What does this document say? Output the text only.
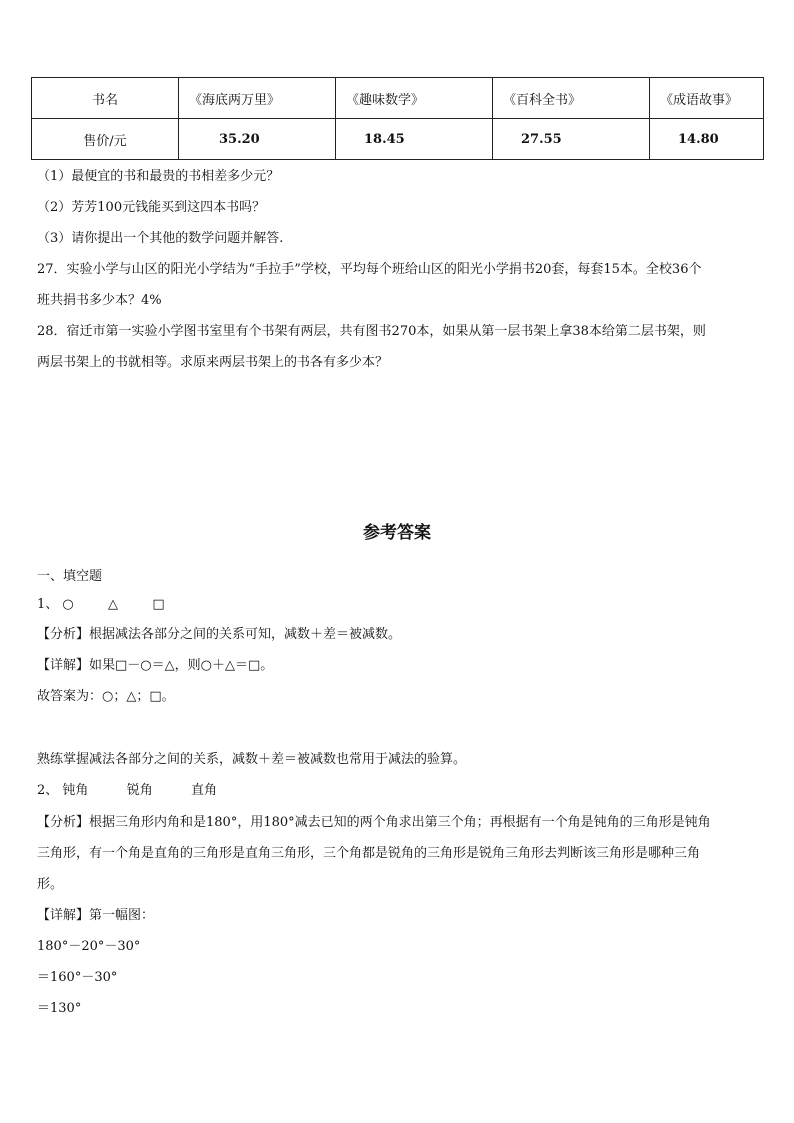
书名	《海底两万里》	《趣味数学》	《百科全书》	《成语故事》
售价/元	35.20	18.45	27.55	14.80
（1）最便宜的书和最贵的书相差多少元？
（2）芳芳100元钱能买到这四本书吗？
（3）请你提出一个其他的数学问题并解答.
27．实验小学与山区的阳光小学结为“手拉手”学校，平均每个班给山区的阳光小学捐书20套，每套15本。全校36个
班共捐书多少本？4%
28．宿迁市第一实验小学图书室里有个书架有两层，共有图书270本，如果从第一层书架上拿38本给第二层书架，则
两层书架上的书就相等。求原来两层书架上的书各有多少本？
参考答案
一、填空题
1、 ○	△	□
【分析】根据减法各部分之间的关系可知，减数＋差＝被减数。
【详解】如果□－○＝△，则○＋△＝□。
故答案为：○；△；□。
熟练掌握减法各部分之间的关系，减数＋差＝被减数也常用于减法的验算。
2、 钝角	锐角	直角
【分析】根据三角形内角和是180°，用180°减去已知的两个角求出第三个角；再根据有一个角是钝角的三角形是钝角
三角形，有一个角是直角的三角形是直角三角形，三个角都是锐角的三角形是锐角三角形去判断该三角形是哪种三角
形。
【详解】第一幅图：
180°－20°－30°
＝160°－30°
＝130°
